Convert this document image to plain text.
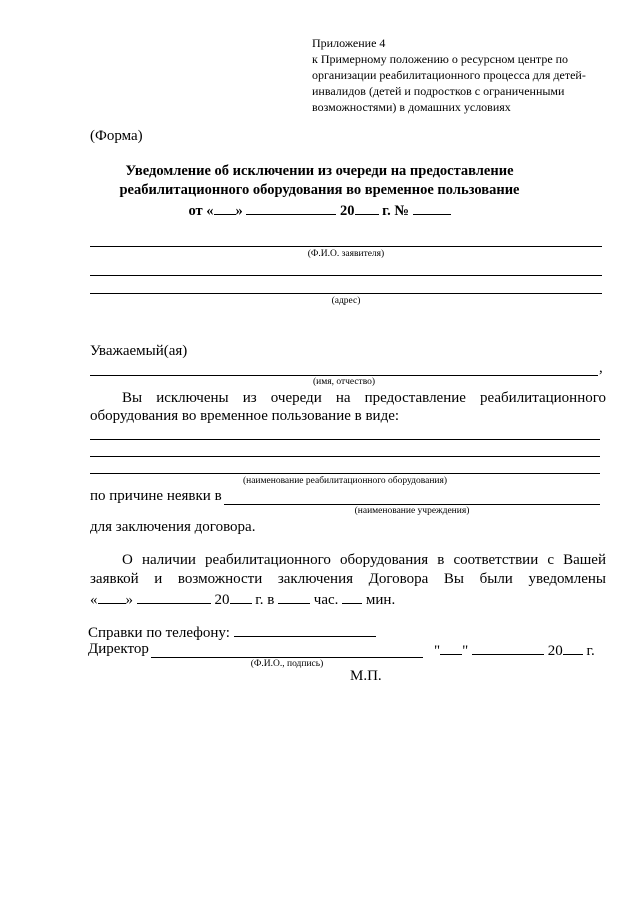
Приложение 4
к Примерному положению о ресурсном центре по
организации реабилитационного процесса для детей-
инвалидов (детей и подростков с ограниченными
возможностями) в домашних условиях
(Форма)
Уведомление об исключении из очереди на предоставление
реабилитационного оборудования во временное пользование
от « »	20 г. №
(Ф.И.О. заявителя)
(адрес)
Уважаемый(ая)
,
(имя, отчество)
Вы исключены из очереди на предоставление реабилитационного
оборудования во временное пользование в виде:
(наименование реабилитационного оборудования)
по причине неявки в
(наименование учреждения)
для заключения договора.
О наличии реабилитационного оборудования в соответствии с Вашей
заявкой и возможности заключения Договора Вы были уведомлены
« »	20 г. в	час. мин.
Справки по телефону:
Директор
(Ф.И.О., подпись)
" "	20 г.
М.П.
